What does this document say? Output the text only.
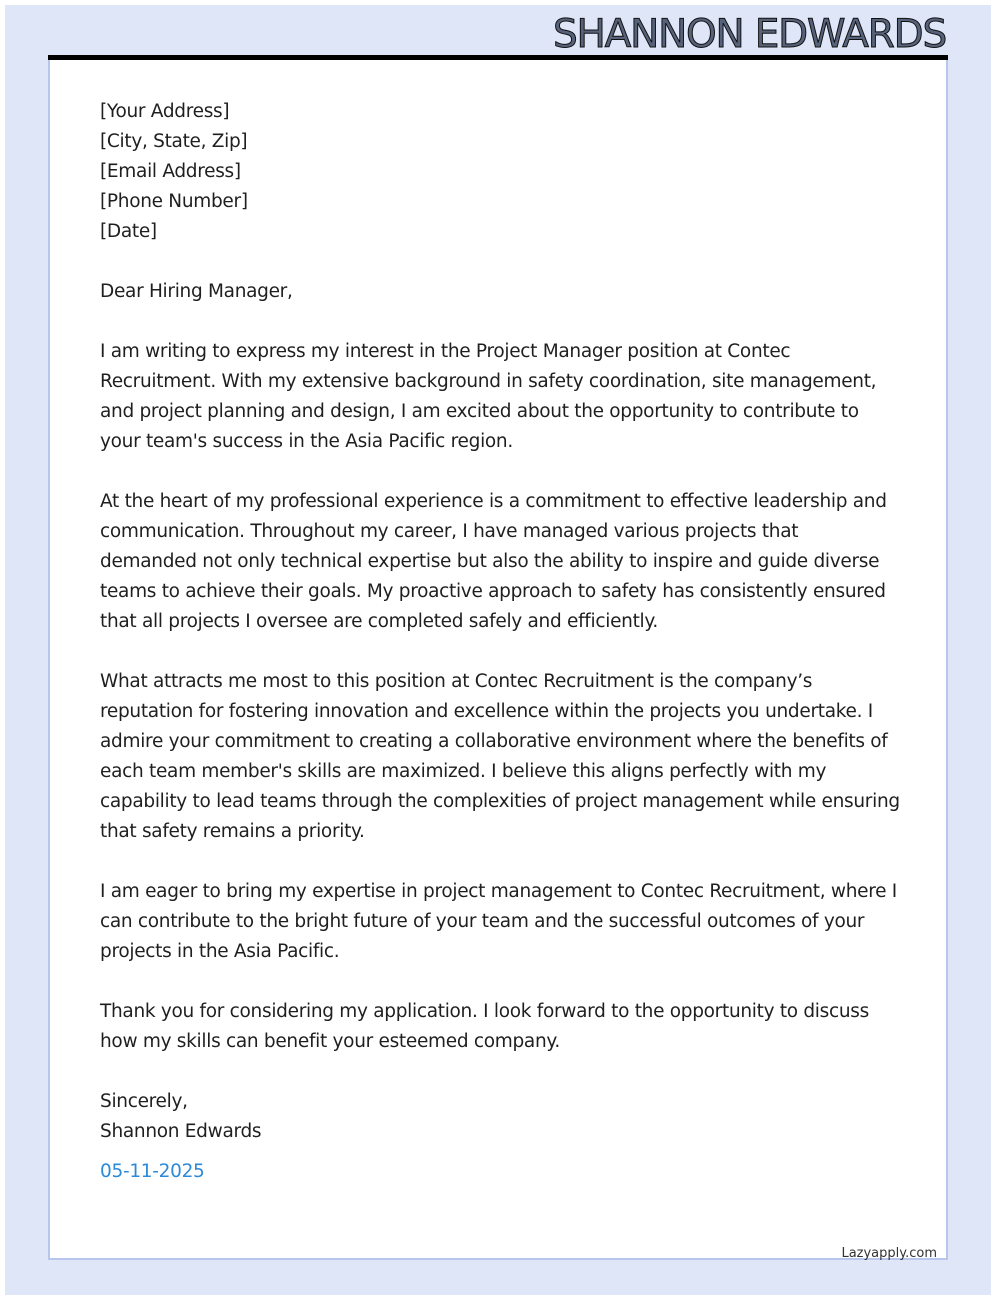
SHANNON EDWARDS

[Your Address]
[City, State, Zip]
[Email Address]
[Phone Number]
[Date]

Dear Hiring Manager,

I am writing to express my interest in the Project Manager position at Contec Recruitment. With my extensive background in safety coordination, site management, and project planning and design, I am excited about the opportunity to contribute to your team's success in the Asia Pacific region.

At the heart of my professional experience is a commitment to effective leadership and communication. Throughout my career, I have managed various projects that demanded not only technical expertise but also the ability to inspire and guide diverse teams to achieve their goals. My proactive approach to safety has consistently ensured that all projects I oversee are completed safely and efficiently.

What attracts me most to this position at Contec Recruitment is the company’s reputation for fostering innovation and excellence within the projects you undertake. I admire your commitment to creating a collaborative environment where the benefits of each team member's skills are maximized. I believe this aligns perfectly with my capability to lead teams through the complexities of project management while ensuring that safety remains a priority.

I am eager to bring my expertise in project management to Contec Recruitment, where I can contribute to the bright future of your team and the successful outcomes of your projects in the Asia Pacific.

Thank you for considering my application. I look forward to the opportunity to discuss how my skills can benefit your esteemed company.

Sincerely,
Shannon Edwards
05-11-2025
Lazyapply.com
